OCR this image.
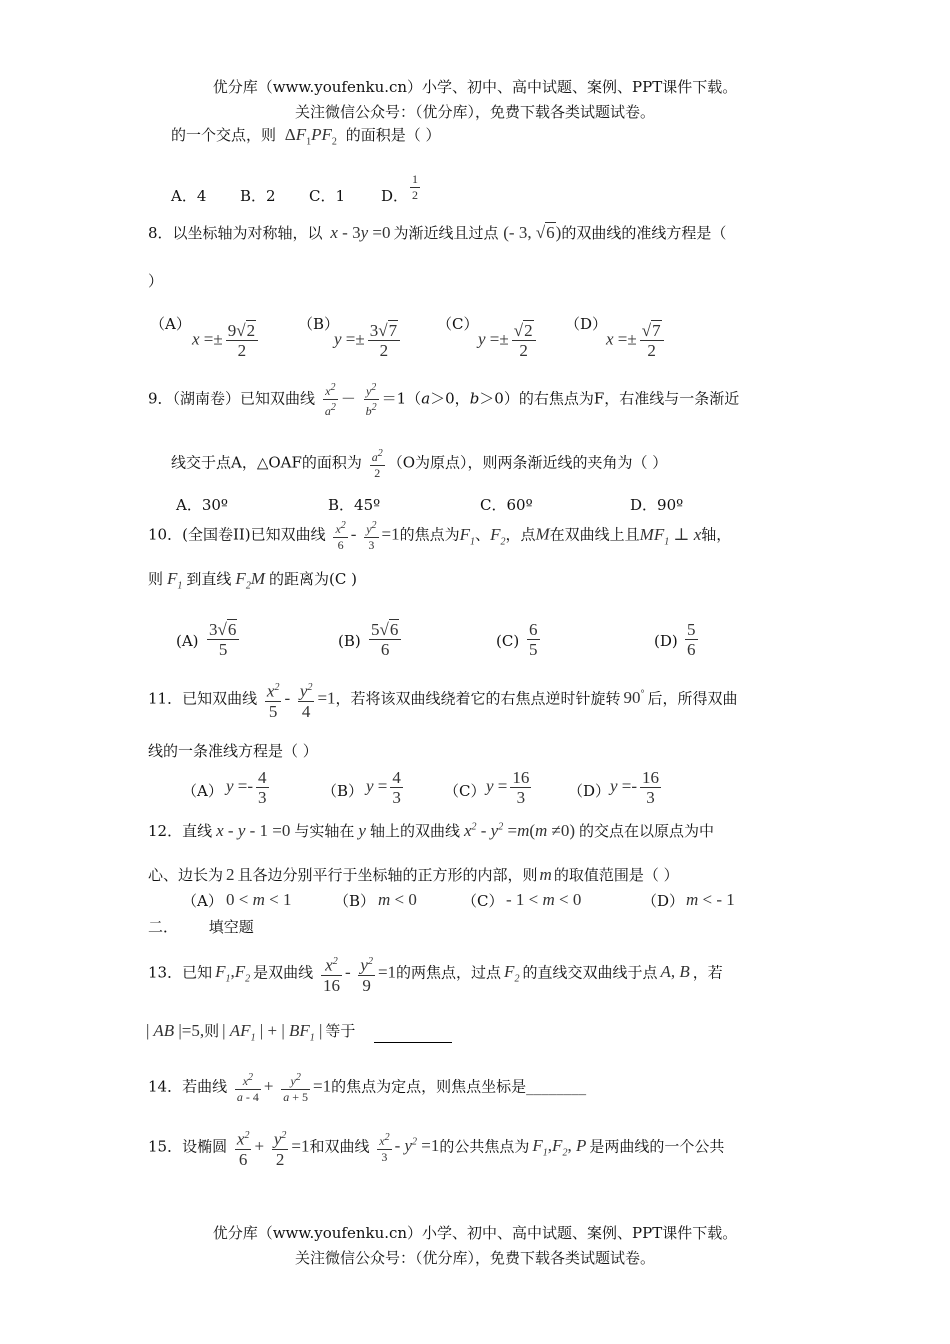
优分库（www.youfenku.cn）小学、初中、高中试题、案例、PPT课件下载。
关注微信公众号：（优分库），免费下载各类试题试卷。
的一个交点，则 $\Delta F_1PF_2$ 的面积是（ ）
A．4 B．2 C．1 D． $\frac{1}{2}$
8．以坐标轴为对称轴，以 x - 3y =0 为渐近线且过点 (- 3, √6)的双曲线的准线方程是（
）
（A）
$x =\pm \frac{9√2}{2}$	（B）
$y =\pm \frac{3√7}{2} (C)$
$y =\pm \frac{√2}{2} (D)$
$x =\pm \frac{√7}{2}$
9．（湖南卷）已知双曲线 $\frac{x^2}{a^2} - \frac{y^2}{b^2} =1(a>0$，b＞0）的右焦点为F，右准线与一条渐近
线交于点A，△OAF的面积为 $\frac{a^2}{2} (O$为原点），则两条渐近线的夹角为（ ）
A．30º	B．45º	C．60º	D．90º
10．(全国卷II)已知双曲线 $\frac{x^2}{6} - \frac{y^2}{3} =1$的焦点为$F_1$、$F_2$，点M在双曲线上且$MF_1$ ⊥ x轴，
则 $F_1$ 到直线 $F_2M$ 的距离为(C )
$(A) \frac{3√6}{5}$	$(B) \frac{5√6}{6}$	$(C) \frac{6}{5}$	$(D) \frac{5}{6}$
11．已知双曲线 $\frac{x^2}{5} - \frac{y^2}{4} =1$，若将该双曲线绕着它的右焦点逆时针旋转 90° 后，所得双曲
线的一条准线方程是（ ）
（A） $y =- \frac{4}{3}$	（B） $y = \frac{4}{3}$	（C） $y = \frac{16}{3} (D) y =- \frac{16}{3}$
12．直线 x - y - 1 =0 与实轴在 y 轴上的双曲线 $x^2 - y^2 =m(m \ne 0)$ 的交点在以原点为中
心、边长为 2 且各边分别平行于坐标轴的正方形的内部，则 m 的取值范围是（ ）
（A） 0 < m < 1	（B） m < 0	（C） - 1 < m < 0	（D） m < - 1
二． 填空题
13．已知 $F_1,F_2$ 是双曲线 $\frac{x^2}{16} - \frac{y^2}{9} =1$的两焦点，过点 $F_2$ 的直线交双曲线于点 A, B ，若
| AB |=5,则 | $AF_1$ | + | $BF_1$ | 等于
14．若曲线 $\frac{x^2}{a - 4} + \frac{y^2}{a + 5} =1$的焦点为定点，则焦点坐标是________
15．设椭圆 $\frac{x^2}{6} + \frac{y^2}{2} =1$和双曲线 $\frac{x^2}{3} - y^2 =1$的公共焦点为 $F_1,F_2$, P 是两曲线的一个公共
优分库（www.youfenku.cn）小学、初中、高中试题、案例、PPT课件下载。
关注微信公众号：（优分库），免费下载各类试题试卷。
